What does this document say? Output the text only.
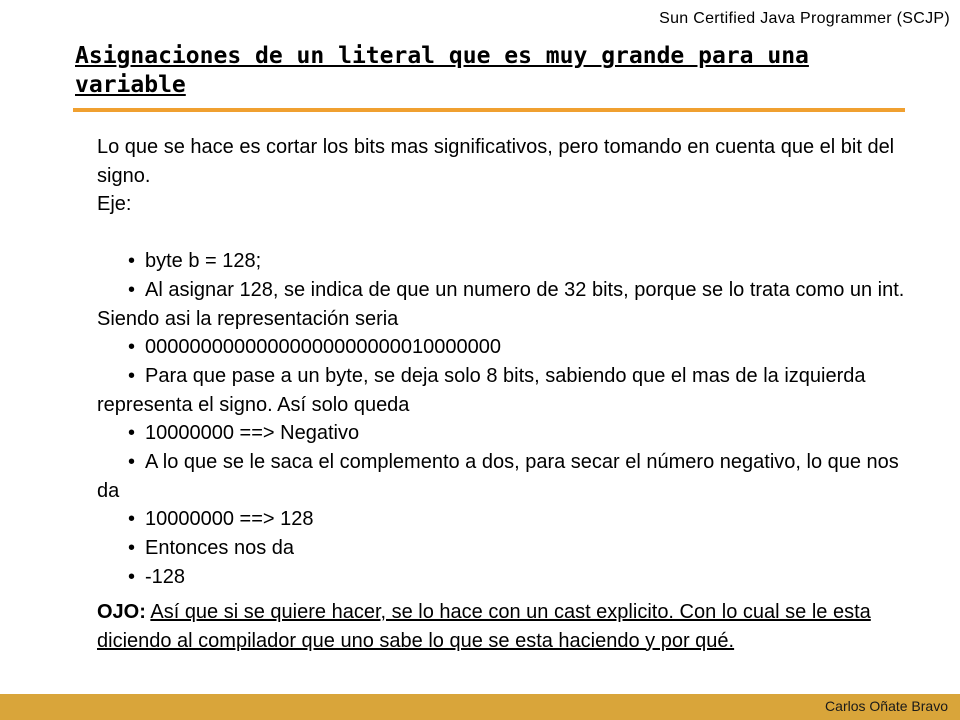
Sun Certified Java Programmer (SCJP)
Asignaciones de un literal que es muy grande para una variable

Lo que se hace es cortar los bits mas significativos, pero tomando en cuenta que el bit del signo.

Eje:

• byte b = 128;
• Al asignar 128, se indica de que un numero de 32 bits, porque se lo trata como un int. Siendo asi la representación seria
• 00000000000000000000000010000000
• Para que pase a un byte, se deja solo 8 bits, sabiendo que el mas de la izquierda representa el signo. Así solo queda
• 10000000 ==> Negativo
• A lo que se le saca el complemento a dos, para secar el número negativo, lo que nos da
• 10000000 ==> 128
• Entonces nos da
• -128
OJO: Así que si se quiere hacer, se lo hace con un cast explicito. Con lo cual se le esta diciendo al compilador que uno sabe lo que se esta haciendo y por qué.
Carlos Oñate Bravo
